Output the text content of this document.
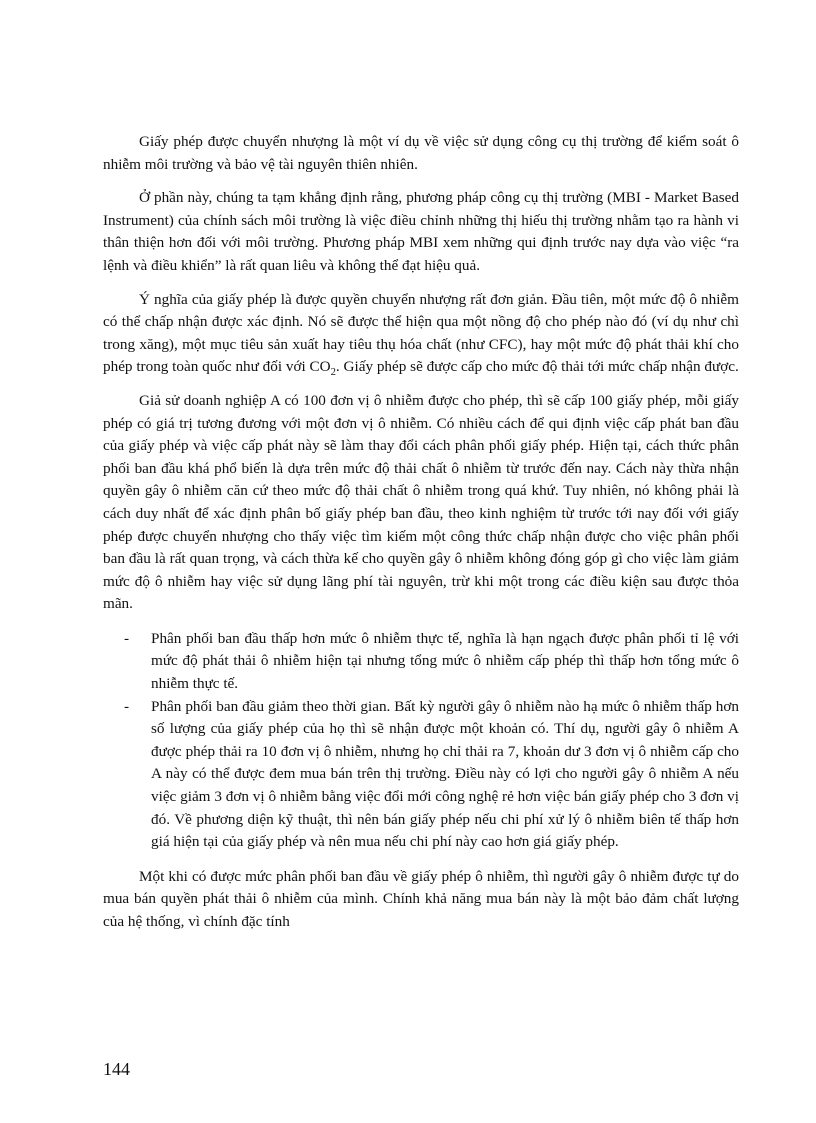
Giấy phép được chuyển nhượng là một ví dụ về việc sử dụng công cụ thị trường để kiểm soát ô nhiễm môi trường và bảo vệ tài nguyên thiên nhiên.

Ở phần này, chúng ta tạm khẳng định rằng, phương pháp công cụ thị trường (MBI - Market Based Instrument) của chính sách môi trường là việc điều chỉnh những thị hiếu thị trường nhằm tạo ra hành vi thân thiện hơn đối với môi trường. Phương pháp MBI xem những qui định trước nay dựa vào việc “ra lệnh và điều khiển” là rất quan liêu và không thể đạt hiệu quả.

Ý nghĩa của giấy phép là được quyền chuyển nhượng rất đơn giản. Đầu tiên, một mức độ ô nhiễm có thể chấp nhận được xác định. Nó sẽ được thể hiện qua một nồng độ cho phép nào đó (ví dụ như chì trong xăng), một mục tiêu sản xuất hay tiêu thụ hóa chất (như CFC), hay một mức độ phát thải khí cho phép trong toàn quốc như đối với $CO_2$. Giấy phép sẽ được cấp cho mức độ thải tới mức chấp nhận được.

Giả sử doanh nghiệp A có 100 đơn vị ô nhiễm được cho phép, thì sẽ cấp 100 giấy phép, mỗi giấy phép có giá trị tương đương với một đơn vị ô nhiễm. Có nhiều cách để qui định việc cấp phát ban đầu của giấy phép và việc cấp phát này sẽ làm thay đổi cách phân phối giấy phép. Hiện tại, cách thức phân phối ban đầu khá phổ biến là dựa trên mức độ thải chất ô nhiễm từ trước đến nay. Cách này thừa nhận quyền gây ô nhiễm căn cứ theo mức độ thải chất ô nhiễm trong quá khứ. Tuy nhiên, nó không phải là cách duy nhất để xác định phân bố giấy phép ban đầu, theo kinh nghiệm từ trước tới nay đối với giấy phép được chuyển nhượng cho thấy việc tìm kiếm một công thức chấp nhận được cho việc phân phối ban đầu là rất quan trọng, và cách thừa kế cho quyền gây ô nhiễm không đóng góp gì cho việc làm giảm mức độ ô nhiễm hay việc sử dụng lãng phí tài nguyên, trừ khi một trong các điều kiện sau được thỏa mãn.

- Phân phối ban đầu thấp hơn mức ô nhiễm thực tế, nghĩa là hạn ngạch được phân phối tỉ lệ với mức độ phát thải ô nhiễm hiện tại nhưng tổng mức ô nhiễm cấp phép thì thấp hơn tổng mức ô nhiễm thực tế.
- Phân phối ban đầu giảm theo thời gian. Bất kỳ người gây ô nhiễm nào hạ mức ô nhiễm thấp hơn số lượng của giấy phép của họ thì sẽ nhận được một khoản có. Thí dụ, người gây ô nhiễm A được phép thải ra 10 đơn vị ô nhiễm, nhưng họ chỉ thải ra 7, khoản dư 3 đơn vị ô nhiễm cấp cho A này có thể được đem mua bán trên thị trường. Điều này có lợi cho người gây ô nhiễm A nếu việc giảm 3 đơn vị ô nhiễm bằng việc đổi mới công nghệ rẻ hơn việc bán giấy phép cho 3 đơn vị đó. Về phương diện kỹ thuật, thì nên bán giấy phép nếu chi phí xử lý ô nhiễm biên tế thấp hơn giá hiện tại của giấy phép và nên mua nếu chi phí này cao hơn giá giấy phép.

Một khi có được mức phân phối ban đầu về giấy phép ô nhiễm, thì người gây ô nhiễm được tự do mua bán quyền phát thải ô nhiễm của mình. Chính khả năng mua bán này là một bảo đảm chất lượng của hệ thống, vì chính đặc tính

144
